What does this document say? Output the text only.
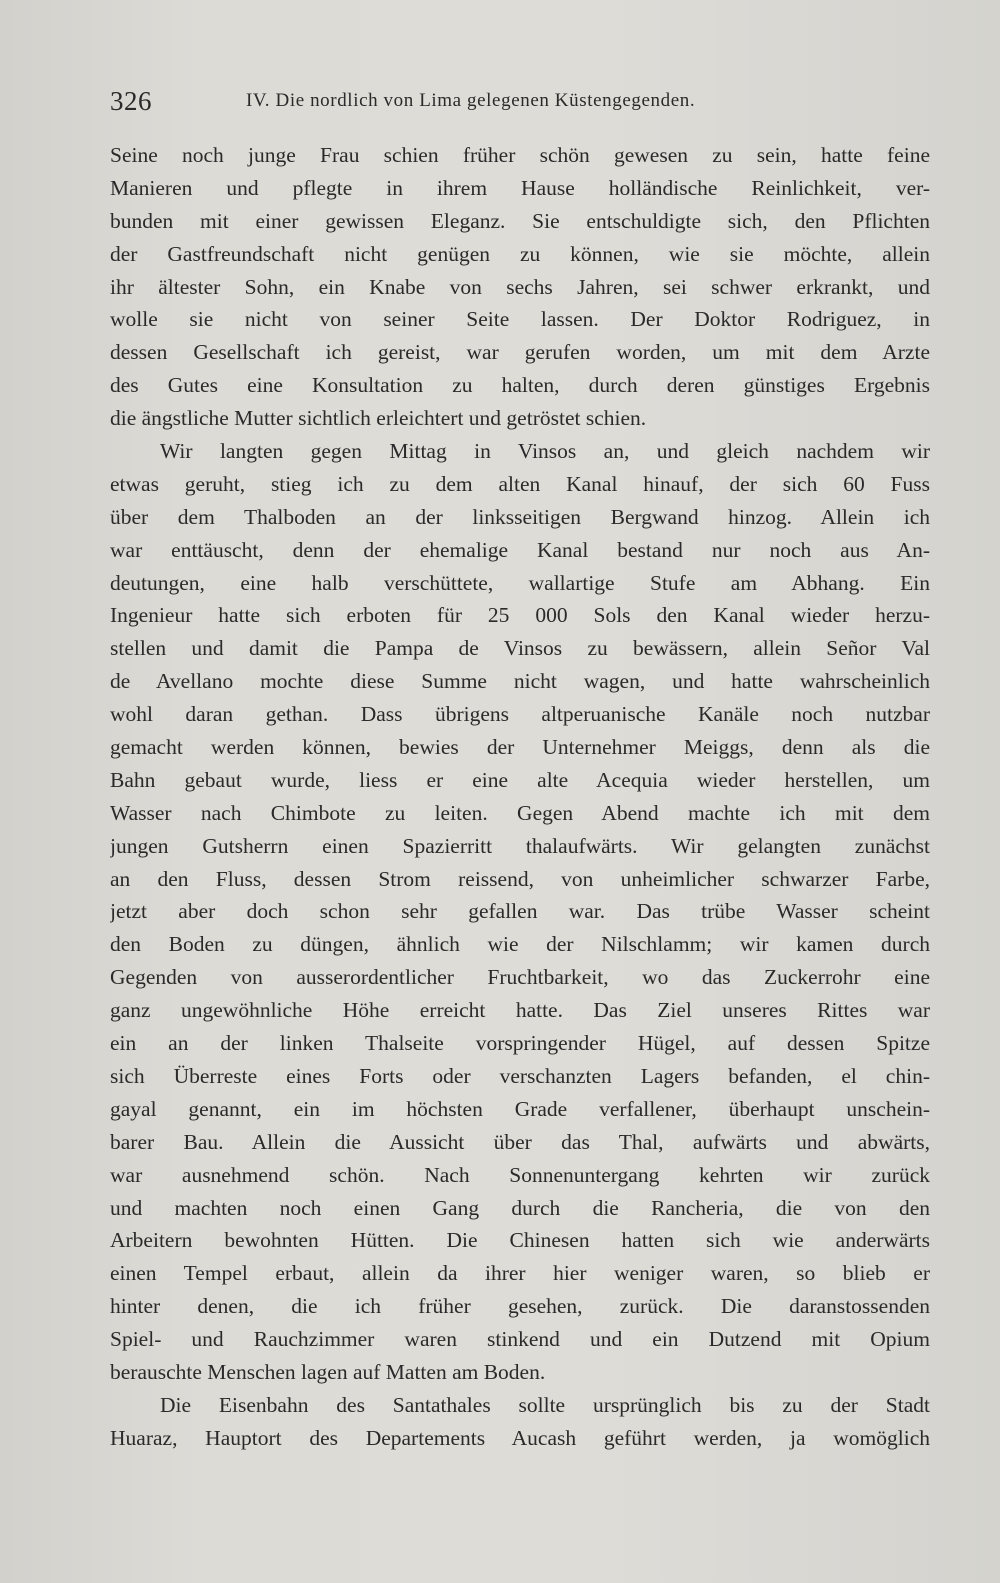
326	IV. Die nordlich von Lima gelegenen Küstengegenden.
Seine noch junge Frau schien früher schön gewesen zu sein, hatte feine
Manieren und pflegte in ihrem Hause holländische Reinlichkeit, ver-
bunden mit einer gewissen Eleganz. Sie entschuldigte sich, den Pflichten
der Gastfreundschaft nicht genügen zu können, wie sie möchte, allein
ihr ältester Sohn, ein Knabe von sechs Jahren, sei schwer erkrankt, und
wolle sie nicht von seiner Seite lassen. Der Doktor Rodriguez, in
dessen Gesellschaft ich gereist, war gerufen worden, um mit dem Arzte
des Gutes eine Konsultation zu halten, durch deren günstiges Ergebnis
die ängstliche Mutter sichtlich erleichtert und getröstet schien.
Wir langten gegen Mittag in Vinsos an, und gleich nachdem wir
etwas geruht, stieg ich zu dem alten Kanal hinauf, der sich 60 Fuss
über dem Thalboden an der linksseitigen Bergwand hinzog. Allein ich
war enttäuscht, denn der ehemalige Kanal bestand nur noch aus An-
deutungen, eine halb verschüttete, wallartige Stufe am Abhang. Ein
Ingenieur hatte sich erboten für 25 000 Sols den Kanal wieder herzu-
stellen und damit die Pampa de Vinsos zu bewässern, allein Señor Val
de Avellano mochte diese Summe nicht wagen, und hatte wahrscheinlich
wohl daran gethan. Dass übrigens altperuanische Kanäle noch nutzbar
gemacht werden können, bewies der Unternehmer Meiggs, denn als die
Bahn gebaut wurde, liess er eine alte Acequia wieder herstellen, um
Wasser nach Chimbote zu leiten. Gegen Abend machte ich mit dem
jungen Gutsherrn einen Spazierritt thalaufwärts. Wir gelangten zunächst
an den Fluss, dessen Strom reissend, von unheimlicher schwarzer Farbe,
jetzt aber doch schon sehr gefallen war. Das trübe Wasser scheint
den Boden zu düngen, ähnlich wie der Nilschlamm; wir kamen durch
Gegenden von ausserordentlicher Fruchtbarkeit, wo das Zuckerrohr eine
ganz ungewöhnliche Höhe erreicht hatte. Das Ziel unseres Rittes war
ein an der linken Thalseite vorspringender Hügel, auf dessen Spitze
sich Überreste eines Forts oder verschanzten Lagers befanden, el chin-
gayal genannt, ein im höchsten Grade verfallener, überhaupt unschein-
barer Bau. Allein die Aussicht über das Thal, aufwärts und abwärts,
war ausnehmend schön. Nach Sonnenuntergang kehrten wir zurück
und machten noch einen Gang durch die Rancheria, die von den
Arbeitern bewohnten Hütten. Die Chinesen hatten sich wie anderwärts
einen Tempel erbaut, allein da ihrer hier weniger waren, so blieb er
hinter denen, die ich früher gesehen, zurück. Die daranstossenden
Spiel- und Rauchzimmer waren stinkend und ein Dutzend mit Opium
berauschte Menschen lagen auf Matten am Boden.
Die Eisenbahn des Santathales sollte ursprünglich bis zu der Stadt
Huaraz, Hauptort des Departements Aucash geführt werden, ja womöglich
